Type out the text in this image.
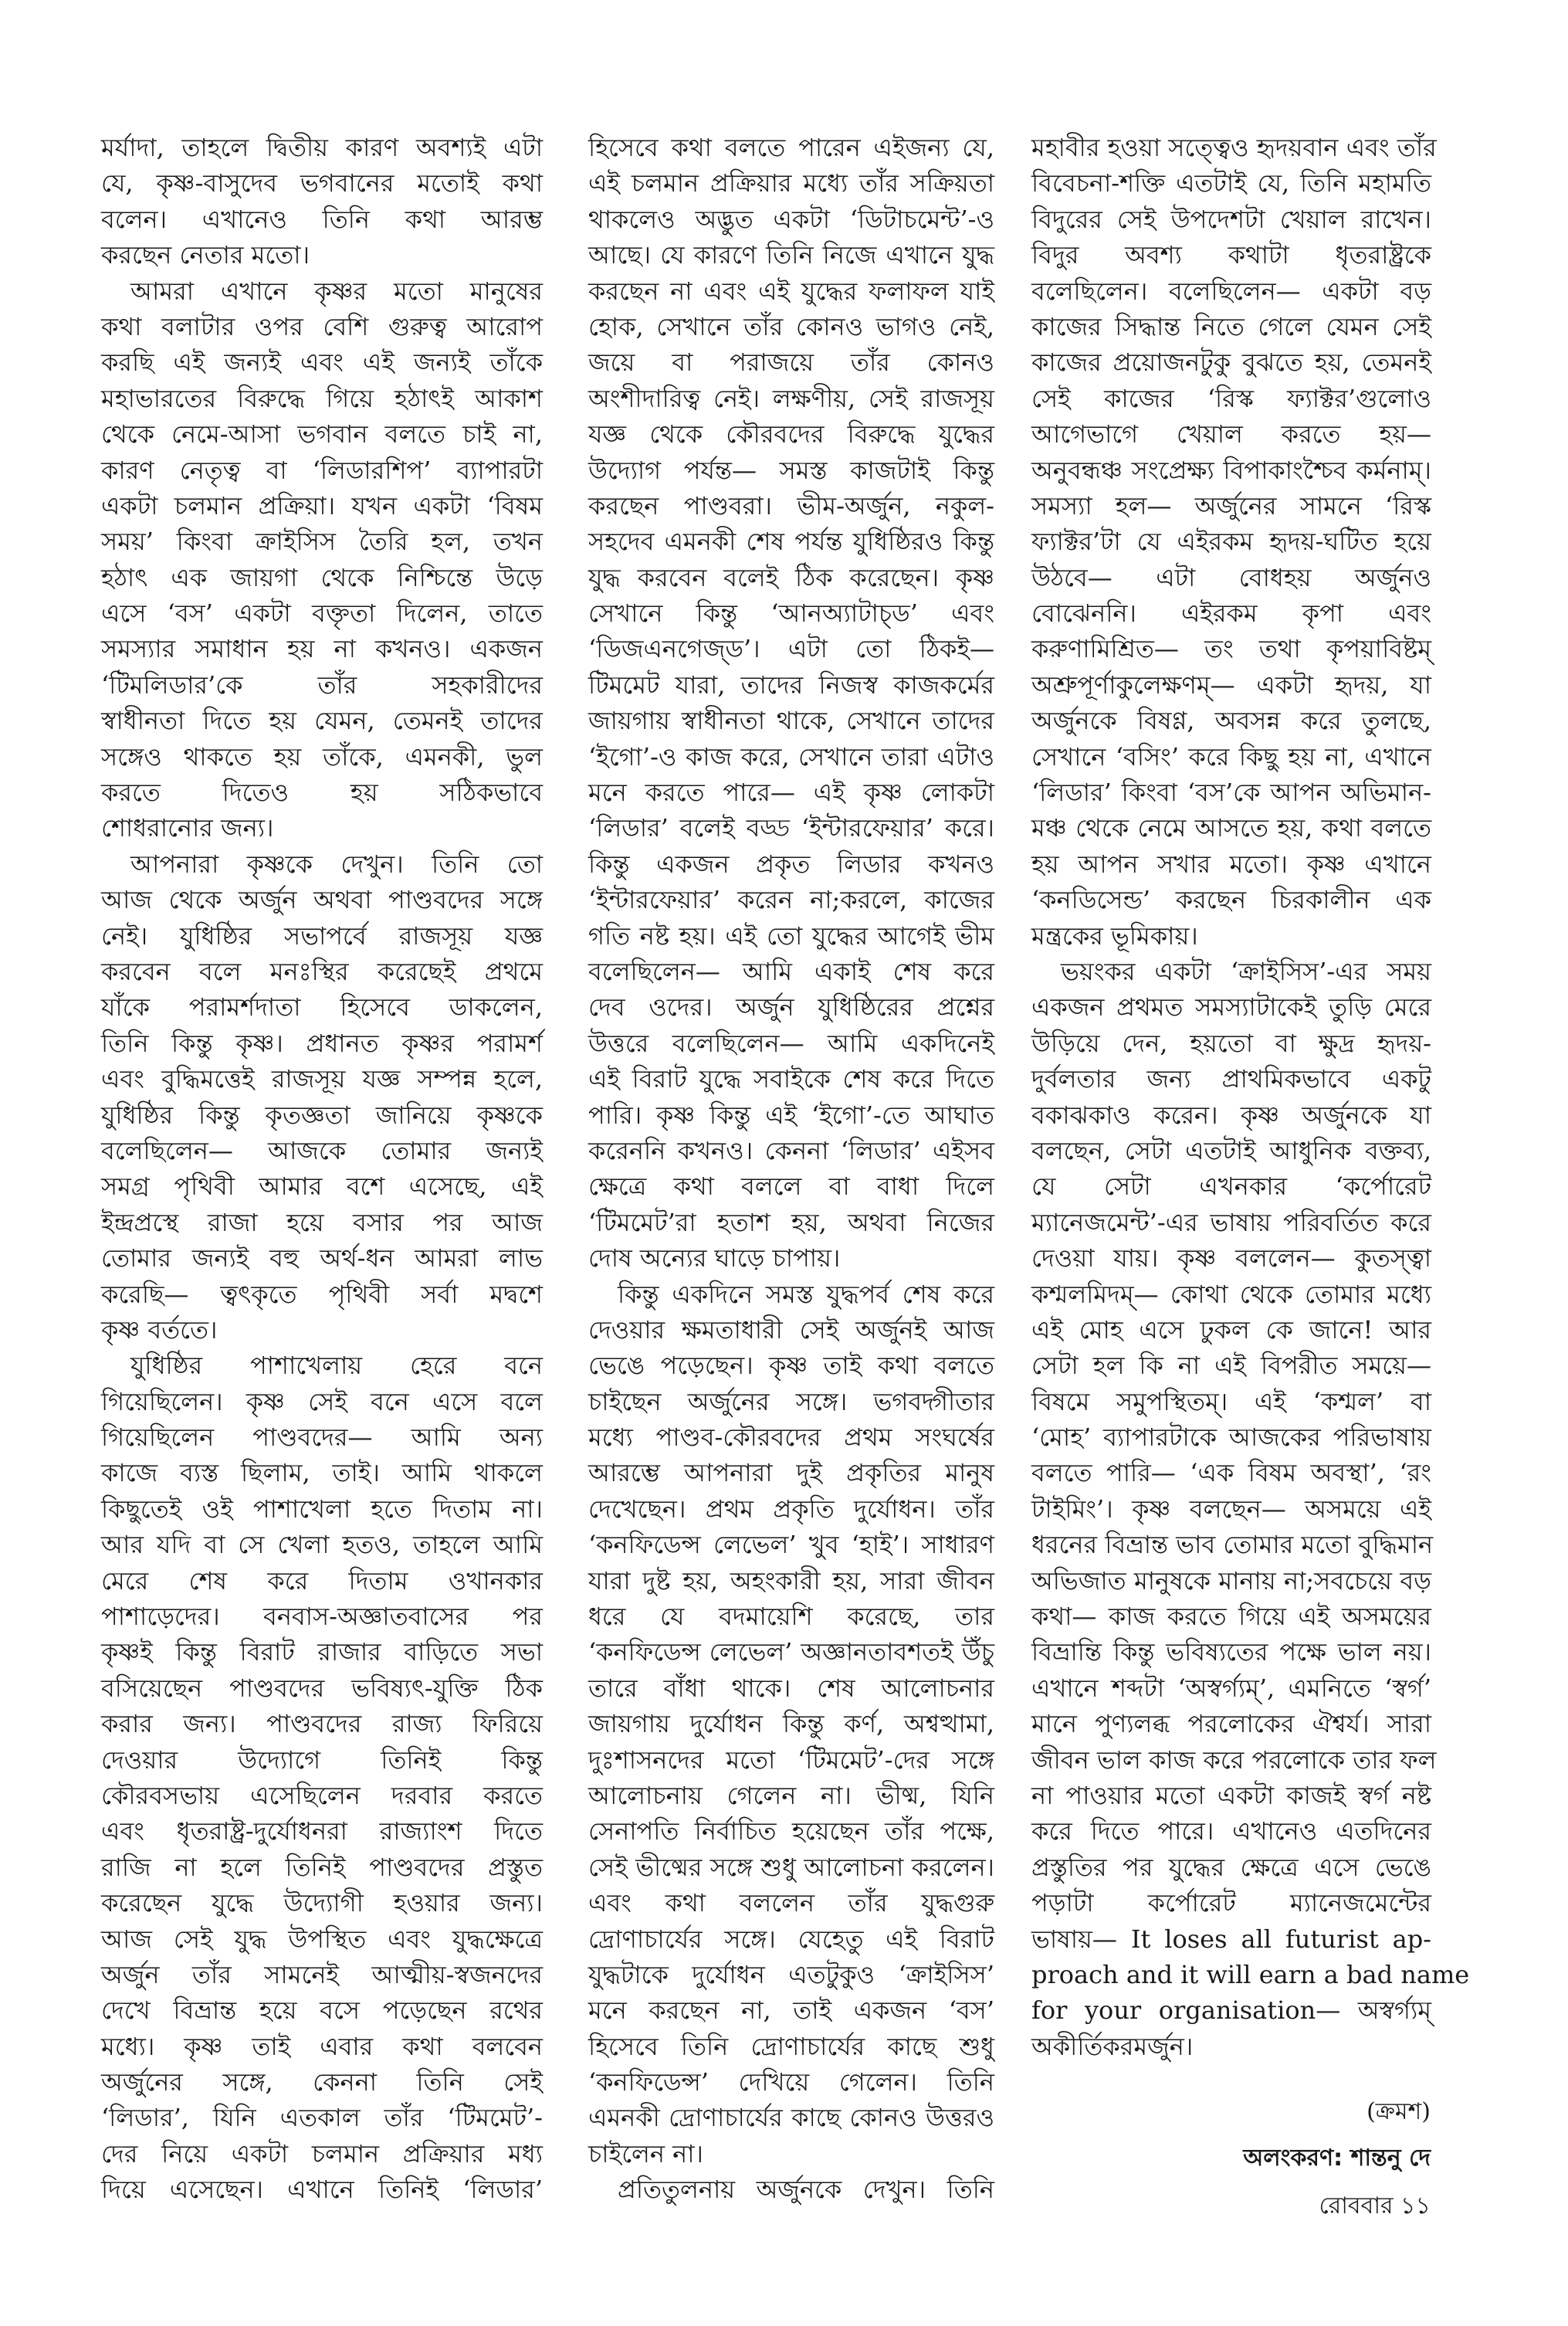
মর্যাদা, তাহলে দ্বিতীয় কারণ অবশ্যই এটা
যে, কৃষ্ণ-বাসুদেব ভগবানের মতোই কথা
বলেন। এখানেও তিনি কথা আরম্ভ
করছেন নেতার মতো।
আমরা এখানে কৃষ্ণর মতো মানুষের
কথা বলাটার ওপর বেশি গুরুত্ব আরোপ
করছি এই জন্যই এবং এই জন্যই তাঁকে
মহাভারতের বিরুদ্ধে গিয়ে হঠাৎই আকাশ
থেকে নেমে-আসা ভগবান বলতে চাই না,
কারণ নেতৃত্ব বা ‘লিডারশিপ’ ব্যাপারটা
একটা চলমান প্রক্রিয়া। যখন একটা ‘বিষম
সময়’ কিংবা ক্রাইসিস তৈরি হল, তখন
হঠাৎ এক জায়গা থেকে নিশ্চিন্তে উড়ে
এসে ‘বস’ একটা বক্তৃতা দিলেন, তাতে
সমস্যার সমাধান হয় না কখনও। একজন
‘টিমলিডার’কে তাঁর সহকারীদের
স্বাধীনতা দিতে হয় যেমন, তেমনই তাদের
সঙ্গেও থাকতে হয় তাঁকে, এমনকী, ভুল
করতে দিতেও হয় সঠিকভাবে
শোধরানোর জন্য।
আপনারা কৃষ্ণকে দেখুন। তিনি তো
আজ থেকে অর্জুন অথবা পাণ্ডবদের সঙ্গে
নেই। যুধিষ্ঠির সভাপর্বে রাজসূয় যজ্ঞ
করবেন বলে মনঃস্থির করেছেই প্রথমে
যাঁকে পরামর্শদাতা হিসেবে ডাকলেন,
তিনি কিন্তু কৃষ্ণ। প্রধানত কৃষ্ণর পরামর্শ
এবং বুদ্ধিমত্তেই রাজসূয় যজ্ঞ সম্পন্ন হলে,
যুধিষ্ঠির কিন্তু কৃতজ্ঞতা জানিয়ে কৃষ্ণকে
বলেছিলেন— আজকে তোমার জন্যই
সমগ্র পৃথিবী আমার বশে এসেছে, এই
ইন্দ্রপ্রস্থে রাজা হয়ে বসার পর আজ
তোমার জন্যই বহু অর্থ-ধন আমরা লাভ
করেছি— ত্বৎকৃতে পৃথিবী সর্বা মদ্বশে
কৃষ্ণ বর্ততে।
যুধিষ্ঠির পাশাখেলায় হেরে বনে
গিয়েছিলেন। কৃষ্ণ সেই বনে এসে বলে
গিয়েছিলেন পাণ্ডবদের— আমি অন্য
কাজে ব্যস্ত ছিলাম, তাই। আমি থাকলে
কিছুতেই ওই পাশাখেলা হতে দিতাম না।
আর যদি বা সে খেলা হতও, তাহলে আমি
মেরে শেষ করে দিতাম ওখানকার
পাশাড়েদের। বনবাস-অজ্ঞাতবাসের পর
কৃষ্ণই কিন্তু বিরাট রাজার বাড়িতে সভা
বসিয়েছেন পাণ্ডবদের ভবিষ্যৎ-যুক্তি ঠিক
করার জন্য। পাণ্ডবদের রাজ্য ফিরিয়ে
দেওয়ার উদ্যোগে তিনিই কিন্তু
কৌরবসভায় এসেছিলেন দরবার করতে
এবং ধৃতরাষ্ট্র-দুর্যোধনরা রাজ্যাংশ দিতে
রাজি না হলে তিনিই পাণ্ডবদের প্রস্তুত
করেছেন যুদ্ধে উদ্যোগী হওয়ার জন্য।
আজ সেই যুদ্ধ উপস্থিত এবং যুদ্ধক্ষেত্রে
অর্জুন তাঁর সামনেই আত্মীয়-স্বজনদের
দেখে বিভ্রান্ত হয়ে বসে পড়েছেন রথের
মধ্যে। কৃষ্ণ তাই এবার কথা বলবেন
অর্জুনের সঙ্গে, কেননা তিনি সেই
‘লিডার’, যিনি এতকাল তাঁর ‘টিমমেট’-
দের নিয়ে একটা চলমান প্রক্রিয়ার মধ্য
দিয়ে এসেছেন। এখানে তিনিই ‘লিডার’
হিসেবে কথা বলতে পারেন এইজন্য যে,
এই চলমান প্রক্রিয়ার মধ্যে তাঁর সক্রিয়তা
থাকলেও অদ্ভুত একটা ‘ডিটাচমেন্ট’-ও
আছে। যে কারণে তিনি নিজে এখানে যুদ্ধ
করছেন না এবং এই যুদ্ধের ফলাফল যাই
হোক, সেখানে তাঁর কোনও ভাগও নেই,
জয়ে বা পরাজয়ে তাঁর কোনও
অংশীদারিত্ব নেই। লক্ষণীয়, সেই রাজসূয়
যজ্ঞ থেকে কৌরবদের বিরুদ্ধে যুদ্ধের
উদ্যোগ পর্যন্ত— সমস্ত কাজটাই কিন্তু
করছেন পাণ্ডবরা। ভীম-অর্জুন, নকুল-
সহদেব এমনকী শেষ পর্যন্ত যুধিষ্ঠিরও কিন্তু
যুদ্ধ করবেন বলেই ঠিক করেছেন। কৃষ্ণ
সেখানে কিন্তু ‘আনঅ্যাটাচ্‌ড’ এবং
‘ডিজএনগেজ্‌ড’। এটা তো ঠিকই—
টিমমেট যারা, তাদের নিজস্ব কাজকর্মের
জায়গায় স্বাধীনতা থাকে, সেখানে তাদের
‘ইগো’-ও কাজ করে, সেখানে তারা এটাও
মনে করতে পারে— এই কৃষ্ণ লোকটা
‘লিডার’ বলেই বড্ড ‘ইন্টারফেয়ার’ করে।
কিন্তু একজন প্রকৃত লিডার কখনও
‘ইন্টারফেয়ার’ করেন না;করলে, কাজের
গতি নষ্ট হয়। এই তো যুদ্ধের আগেই ভীম
বলেছিলেন— আমি একাই শেষ করে
দেব ওদের। অর্জুন যুধিষ্ঠিরের প্রশ্নের
উত্তরে বলেছিলেন— আমি একদিনেই
এই বিরাট যুদ্ধে সবাইকে শেষ করে দিতে
পারি। কৃষ্ণ কিন্তু এই ‘ইগো’-তে আঘাত
করেননি কখনও। কেননা ‘লিডার’ এইসব
ক্ষেত্রে কথা বললে বা বাধা দিলে
‘টিমমেট’রা হতাশ হয়, অথবা নিজের
দোষ অন্যের ঘাড়ে চাপায়।
কিন্তু একদিনে সমস্ত যুদ্ধপর্ব শেষ করে
দেওয়ার ক্ষমতাধারী সেই অর্জুনই আজ
ভেঙে পড়েছেন। কৃষ্ণ তাই কথা বলতে
চাইছেন অর্জুনের সঙ্গে। ভগবদ্গীতার
মধ্যে পাণ্ডব-কৌরবদের প্রথম সংঘর্ষের
আরম্ভে আপনারা দুই প্রকৃতির মানুষ
দেখেছেন। প্রথম প্রকৃতি দুর্যোধন। তাঁর
‘কনফিডেন্স লেভেল’ খুব ‘হাই’। সাধারণ
যারা দুষ্ট হয়, অহংকারী হয়, সারা জীবন
ধরে যে বদমায়েশি করেছে, তার
‘কনফিডেন্স লেভেল’ অজ্ঞানতাবশতই উঁচু
তারে বাঁধা থাকে। শেষ আলোচনার
জায়গায় দুর্যোধন কিন্তু কর্ণ, অশ্বত্থামা,
দুঃশাসনদের মতো ‘টিমমেট’-দের সঙ্গে
আলোচনায় গেলেন না। ভীষ্ম, যিনি
সেনাপতি নির্বাচিত হয়েছেন তাঁর পক্ষে,
সেই ভীষ্মের সঙ্গে শুধু আলোচনা করলেন।
এবং কথা বললেন তাঁর যুদ্ধগুরু
দ্রোণাচার্যের সঙ্গে। যেহেতু এই বিরাট
যুদ্ধটাকে দুর্যোধন এতটুকুও ‘ক্রাইসিস’
মনে করছেন না, তাই একজন ‘বস’
হিসেবে তিনি দ্রোণাচার্যের কাছে শুধু
‘কনফিডেন্স’ দেখিয়ে গেলেন। তিনি
এমনকী দ্রোণাচার্যের কাছে কোনও উত্তরও
চাইলেন না।
প্রতিতুলনায় অর্জুনকে দেখুন। তিনি
মহাবীর হওয়া সত্ত্বেও হৃদয়বান এবং তাঁর
বিবেচনা-শক্তি এতটাই যে, তিনি মহামতি
বিদুরের সেই উপদেশটা খেয়াল রাখেন।
বিদুর অবশ্য কথাটা ধৃতরাষ্ট্রকে
বলেছিলেন। বলেছিলেন— একটা বড়
কাজের সিদ্ধান্ত নিতে গেলে যেমন সেই
কাজের প্রয়োজনটুকু বুঝতে হয়, তেমনই
সেই কাজের ‘রিস্ক ফ্যাক্টর’গুলোও
আগেভাগে খেয়াল করতে হয়—
অনুবন্ধঞ্চ সংপ্রেক্ষ্য বিপাকাংশ্চৈব কর্মনাম্।
সমস্যা হল— অর্জুনের সামনে ‘রিস্ক
ফ্যাক্টর’টা যে এইরকম হৃদয়-ঘটিত হয়ে
উঠবে— এটা বোধহয় অর্জুনও
বোঝেননি। এইরকম কৃপা এবং
করুণামিশ্রিত— তং তথা কৃপয়াবিষ্টম্
অশ্রুপূর্ণাকুলেক্ষণম্— একটা হৃদয়, যা
অর্জুনকে বিষণ্ণ, অবসন্ন করে তুলছে,
সেখানে ‘বসিং’ করে কিছু হয় না, এখানে
‘লিডার’ কিংবা ‘বস’কে আপন অভিমান-
মঞ্চ থেকে নেমে আসতে হয়, কথা বলতে
হয় আপন সখার মতো। কৃষ্ণ এখানে
‘কনডিসেন্ড’ করছেন চিরকালীন এক
মন্ত্রকের ভূমিকায়।
ভয়ংকর একটা ‘ক্রাইসিস’-এর সময়
একজন প্রথমত সমস্যাটাকেই তুড়ি মেরে
উড়িয়ে দেন, হয়তো বা ক্ষুদ্র হৃদয়-
দুর্বলতার জন্য প্রাথমিকভাবে একটু
বকাঝকাও করেন। কৃষ্ণ অর্জুনকে যা
বলছেন, সেটা এতটাই আধুনিক বক্তব্য,
যে সেটা এখনকার ‘কর্পোরেট
ম্যানেজমেন্ট’-এর ভাষায় পরিবর্তিত করে
দেওয়া যায়। কৃষ্ণ বললেন— কুতস্ত্বা
কশ্মলমিদম্— কোথা থেকে তোমার মধ্যে
এই মোহ এসে ঢুকল কে জানে! আর
সেটা হল কি না এই বিপরীত সময়ে—
বিষমে সমুপস্থিতম্। এই ‘কশ্মল’ বা
‘মোহ’ ব্যাপারটাকে আজকের পরিভাষায়
বলতে পারি— ‘এক বিষম অবস্থা’, ‘রং
টাইমিং’। কৃষ্ণ বলছেন— অসময়ে এই
ধরনের বিভ্রান্ত ভাব তোমার মতো বুদ্ধিমান
অভিজাত মানুষকে মানায় না;সবচেয়ে বড়
কথা— কাজ করতে গিয়ে এই অসময়ের
বিভ্রান্তি কিন্তু ভবিষ্যতের পক্ষে ভাল নয়।
এখানে শব্দটা ‘অস্বর্গ্যম্’, এমনিতে ‘স্বর্গ’
মানে পুণ্যলব্ধ পরলোকের ঐশ্বর্য। সারা
জীবন ভাল কাজ করে পরলোকে তার ফল
না পাওয়ার মতো একটা কাজই স্বর্গ নষ্ট
করে দিতে পারে। এখানেও এতদিনের
প্রস্তুতির পর যুদ্ধের ক্ষেত্রে এসে ভেঙে
পড়াটা কর্পোরেট ম্যানেজমেন্টের
ভাষায়— It loses all futurist ap-
proach and it will earn a bad name
for your organisation— অস্বর্গ্যম্
অকীর্তিকরমর্জুন।
(ক্রমশ)
অলংকরণ: শান্তনু দে
রোববার ১১
